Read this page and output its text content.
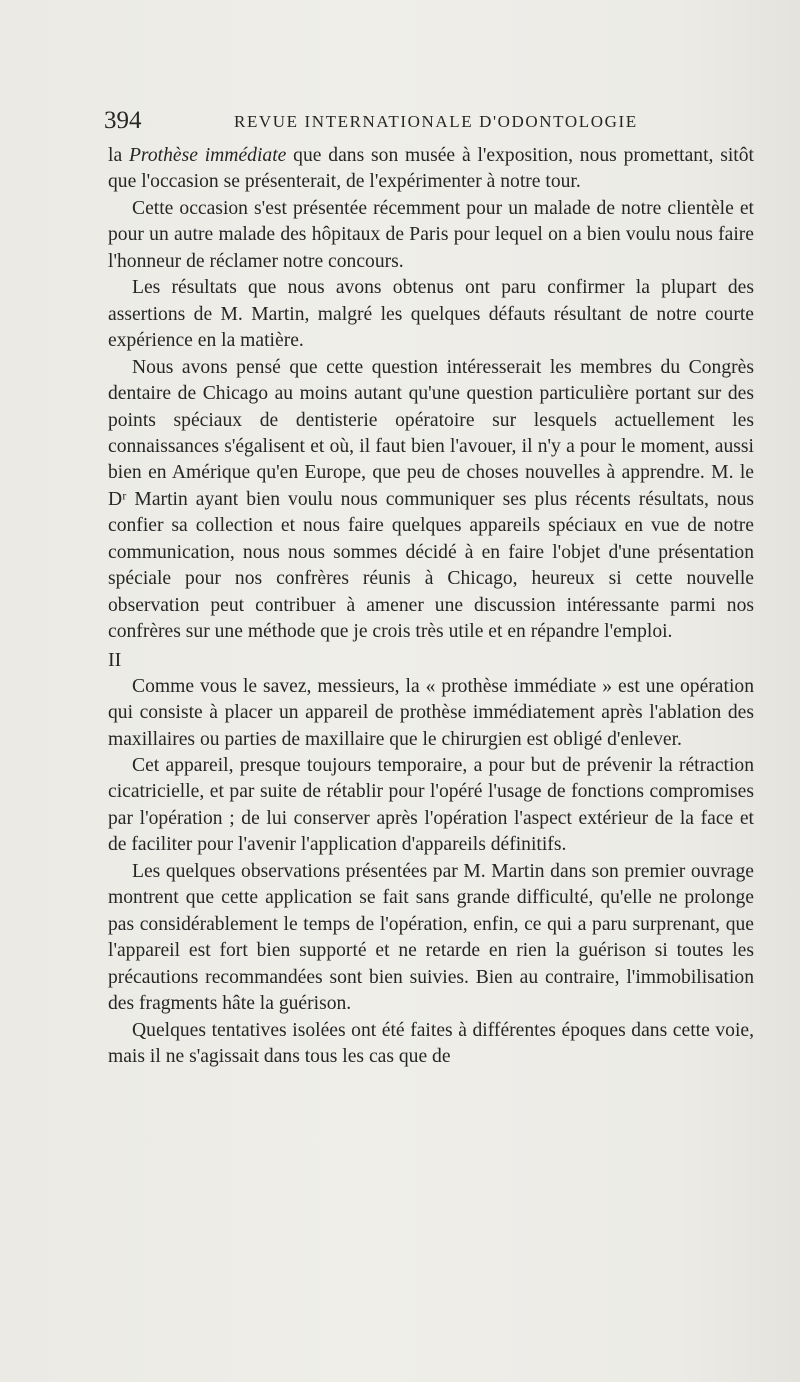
394	REVUE INTERNATIONALE D'ODONTOLOGIE

la Prothèse immédiate que dans son musée à l'exposition, nous promettant, sitôt que l'occasion se présenterait, de l'expérimenter à notre tour.

Cette occasion s'est présentée récemment pour un malade de notre clientèle et pour un autre malade des hôpitaux de Paris pour lequel on a bien voulu nous faire l'honneur de réclamer notre concours.

Les résultats que nous avons obtenus ont paru confirmer la plupart des assertions de M. Martin, malgré les quelques défauts résultant de notre courte expérience en la matière.

Nous avons pensé que cette question intéresserait les membres du Congrès dentaire de Chicago au moins autant qu'une question particulière portant sur des points spéciaux de dentisterie opératoire sur lesquels actuellement les connaissances s'égalisent et où, il faut bien l'avouer, il n'y a pour le moment, aussi bien en Amérique qu'en Europe, que peu de choses nouvelles à apprendre. M. le Dʳ Martin ayant bien voulu nous communiquer ses plus récents résultats, nous confier sa collection et nous faire quelques appareils spéciaux en vue de notre communication, nous nous sommes décidé à en faire l'objet d'une présentation spéciale pour nos confrères réunis à Chicago, heureux si cette nouvelle observation peut contribuer à amener une discussion intéressante parmi nos confrères sur une méthode que je crois très utile et en répandre l'emploi.

II

Comme vous le savez, messieurs, la « prothèse immédiate » est une opération qui consiste à placer un appareil de prothèse immédiatement après l'ablation des maxillaires ou parties de maxillaire que le chirurgien est obligé d'enlever.

Cet appareil, presque toujours temporaire, a pour but de prévenir la rétraction cicatricielle, et par suite de rétablir pour l'opéré l'usage de fonctions compromises par l'opération ; de lui conserver après l'opération l'aspect extérieur de la face et de faciliter pour l'avenir l'application d'appareils définitifs.

Les quelques observations présentées par M. Martin dans son premier ouvrage montrent que cette application se fait sans grande difficulté, qu'elle ne prolonge pas considérablement le temps de l'opération, enfin, ce qui a paru surprenant, que l'appareil est fort bien supporté et ne retarde en rien la guérison si toutes les précautions recommandées sont bien suivies. Bien au contraire, l'immobilisation des fragments hâte la guérison.

Quelques tentatives isolées ont été faites à différentes époques dans cette voie, mais il ne s'agissait dans tous les cas que de
